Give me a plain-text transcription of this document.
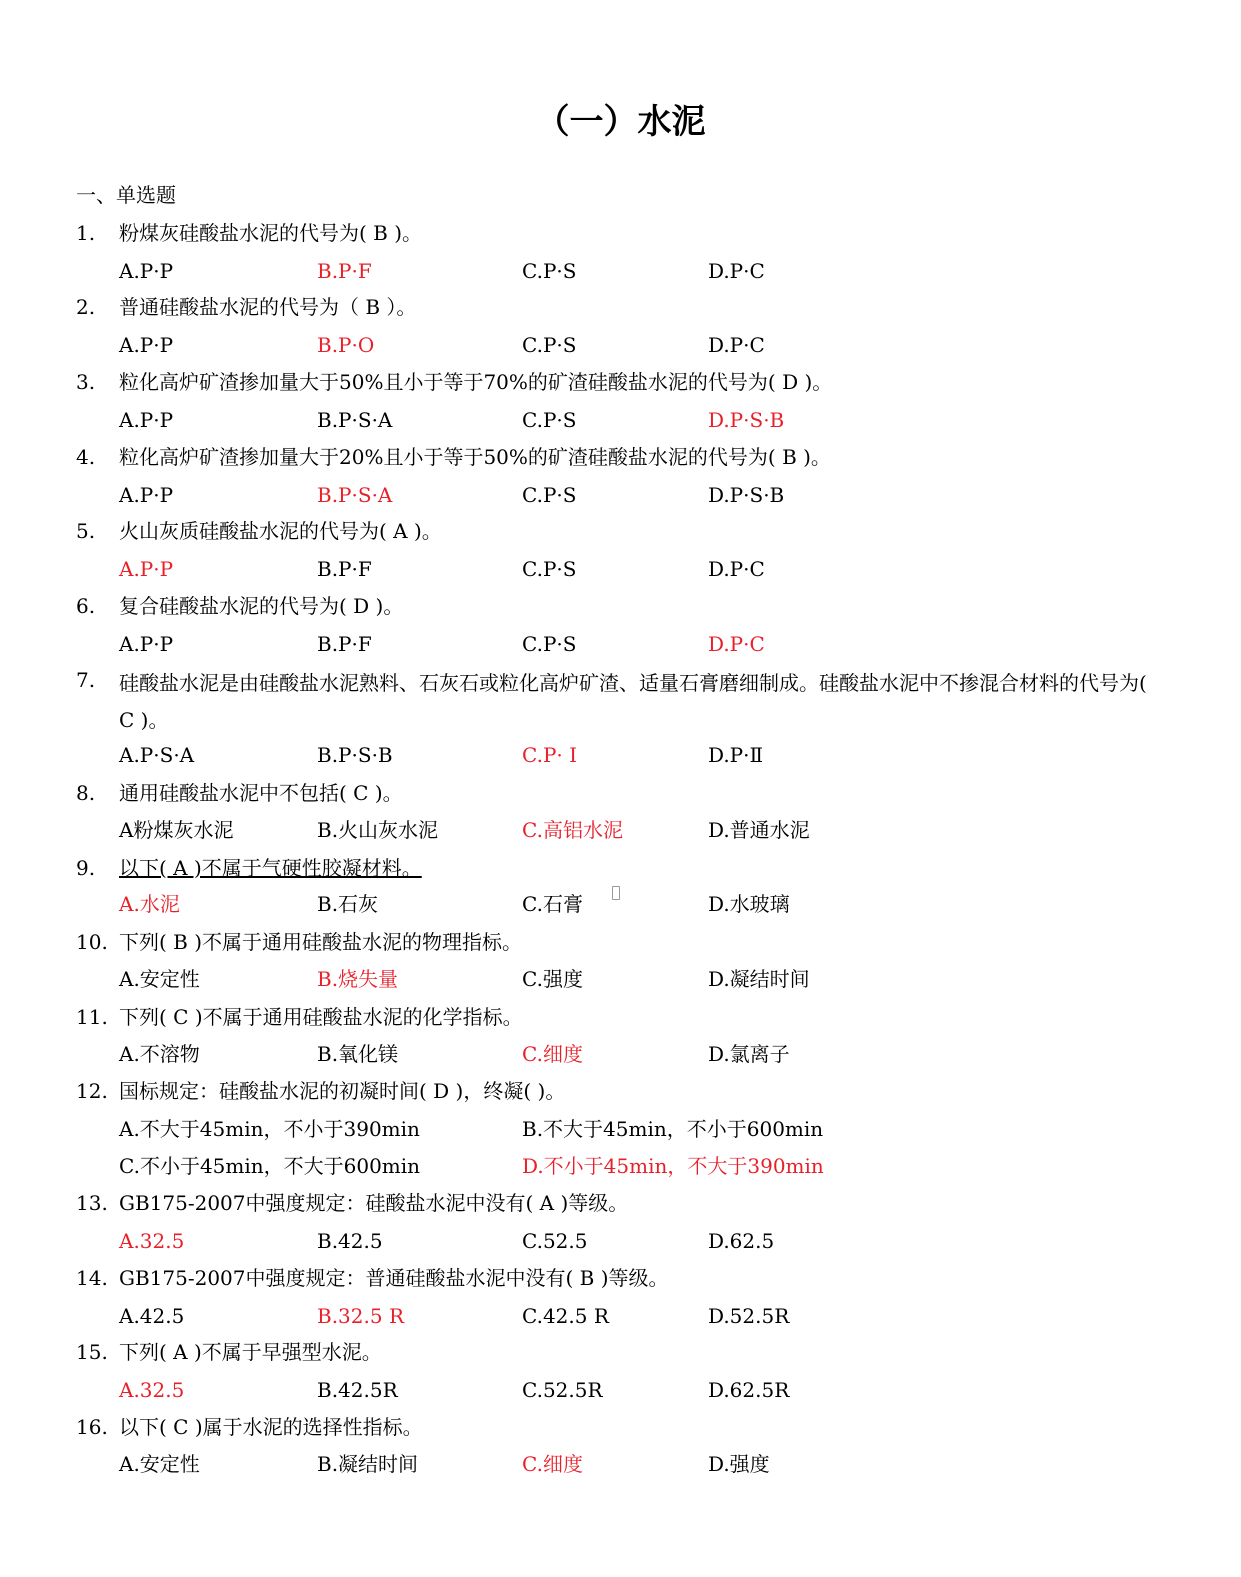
（一）水泥
一、单选题
1. 粉煤灰硅酸盐水泥的代号为( B )。
A.P·P	B.P·F	C.P·S	D.P·C
2. 普通硅酸盐水泥的代号为（ B ）。
A.P·P	B.P·O	C.P·S	D.P·C
3. 粒化高炉矿渣掺加量大于50%且小于等于70%的矿渣硅酸盐水泥的代号为( D )。
A.P·P	B.P·S·A	C.P·S	D.P·S·B
4. 粒化高炉矿渣掺加量大于20%且小于等于50%的矿渣硅酸盐水泥的代号为( B )。
A.P·P	B.P·S·A	C.P·S	D.P·S·B
5. 火山灰质硅酸盐水泥的代号为( A )。
A.P·P	B.P·F	C.P·S	D.P·C
6. 复合硅酸盐水泥的代号为( D )。
A.P·P	B.P·F	C.P·S	D.P·C
7. 硅酸盐水泥是由硅酸盐水泥熟料、石灰石或粒化高炉矿渣、适量石膏磨细制成。硅酸盐水泥中不掺混合材料的代号为( C )。
A.P·S·A	B.P·S·B	C.P· Ⅰ	D.P·Ⅱ
8. 通用硅酸盐水泥中不包括( C )。
A粉煤灰水泥	B.火山灰水泥	C.高铝水泥	D.普通水泥
9. 以下( A )不属于气硬性胶凝材料。
A.水泥	B.石灰	C.石膏	D.水玻璃
10. 下列( B )不属于通用硅酸盐水泥的物理指标。
A.安定性	B.烧失量	C.强度	D.凝结时间
11. 下列( C )不属于通用硅酸盐水泥的化学指标。
A.不溶物	B.氧化镁	C.细度	D.氯离子
12. 国标规定：硅酸盐水泥的初凝时间( D )，终凝( )。
A.不大于45min，不小于390min	B.不大于45min，不小于600min
C.不小于45min，不大于600min	D.不小于45min，不大于390min
13. GB175-2007中强度规定：硅酸盐水泥中没有( A )等级。
A.32.5	B.42.5	C.52.5	D.62.5
14. GB175-2007中强度规定：普通硅酸盐水泥中没有( B )等级。
A.42.5	B.32.5 R	C.42.5 R	D.52.5R
15. 下列( A )不属于早强型水泥。
A.32.5	B.42.5R	C.52.5R	D.62.5R
16. 以下( C )属于水泥的选择性指标。
A.安定性	B.凝结时间	C.细度	D.强度
